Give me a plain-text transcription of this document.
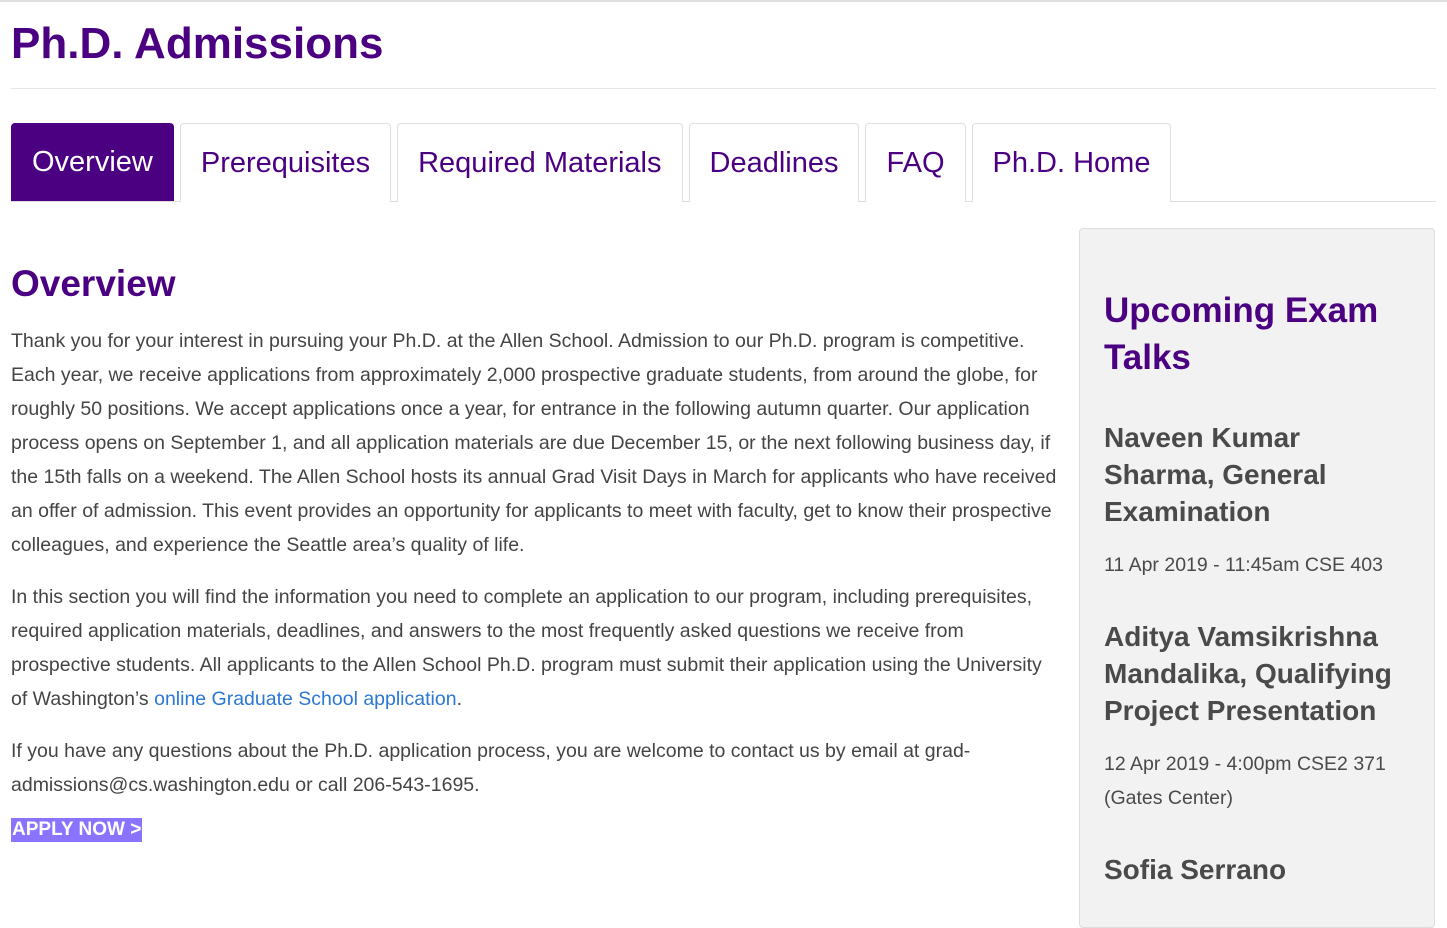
Ph.D. Admissions
Overview	Prerequisites	Required Materials	Deadlines	FAQ	Ph.D. Home
Overview

Thank you for your interest in pursuing your Ph.D. at the Allen School. Admission to our Ph.D. program is competitive. Each year, we receive applications from approximately 2,000 prospective graduate students, from around the globe, for roughly 50 positions. We accept applications once a year, for entrance in the following autumn quarter. Our application process opens on September 1, and all application materials are due December 15, or the next following business day, if the 15th falls on a weekend. The Allen School hosts its annual Grad Visit Days in March for applicants who have received an offer of admission. This event provides an opportunity for applicants to meet with faculty, get to know their prospective colleagues, and experience the Seattle area’s quality of life.

In this section you will find the information you need to complete an application to our program, including prerequisites, required application materials, deadlines, and answers to the most frequently asked questions we receive from prospective students. All applicants to the Allen School Ph.D. program must submit their application using the University of Washington’s online Graduate School application.

If you have any questions about the Ph.D. application process, you are welcome to contact us by email at grad-admissions@cs.washington.edu or call 206-543-1695.

APPLY NOW >
Upcoming Exam Talks
Naveen Kumar Sharma, General Examination

11 Apr 2019 - 11:45am CSE 403

Aditya Vamsikrishna Mandalika, Qualifying Project Presentation

12 Apr 2019 - 4:00pm CSE2 371 (Gates Center)

Sofia Serrano
